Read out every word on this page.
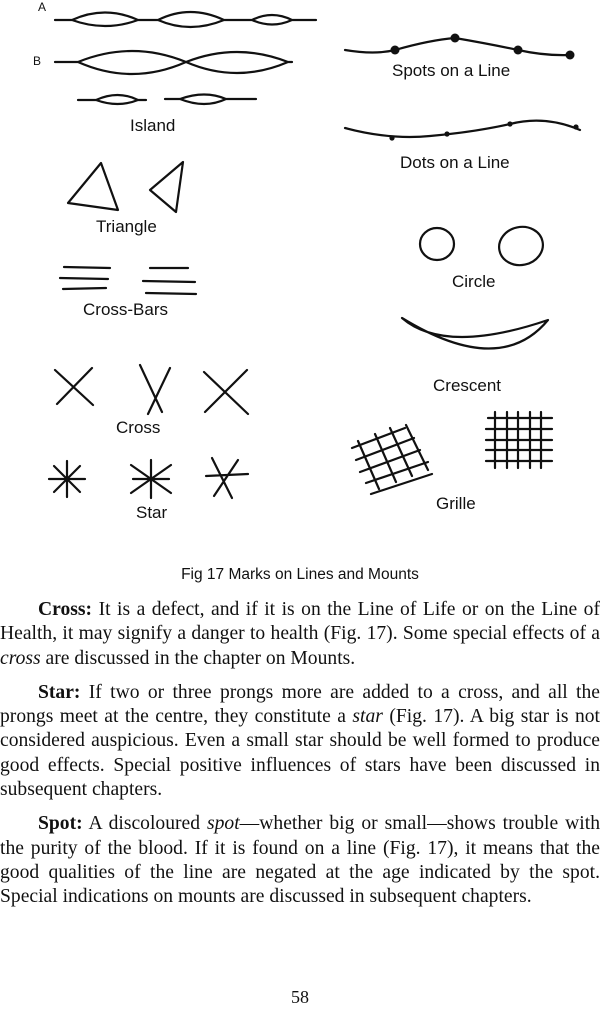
A
B
Island
Triangle
Cross-Bars
Cross
Star
Spots on a Line
Dots on a Line
Circle
Crescent
Grille
Fig 17 Marks on Lines and Mounts

Cross: It is a defect, and if it is on the Line of Life or on the Line of Health, it may signify a danger to health (Fig. 17). Some special effects of a cross are discussed in the chapter on Mounts.

Star: If two or three prongs more are added to a cross, and all the prongs meet at the centre, they constitute a star (Fig. 17). A big star is not considered auspicious. Even a small star should be well formed to produce good effects. Special positive influences of stars have been discussed in subsequent chapters.

Spot: A discoloured spot—whether big or small—shows trouble with the purity of the blood. If it is found on a line (Fig. 17), it means that the good qualities of the line are negated at the age indicated by the spot. Special indications on mounts are discussed in subsequent chapters.

58
